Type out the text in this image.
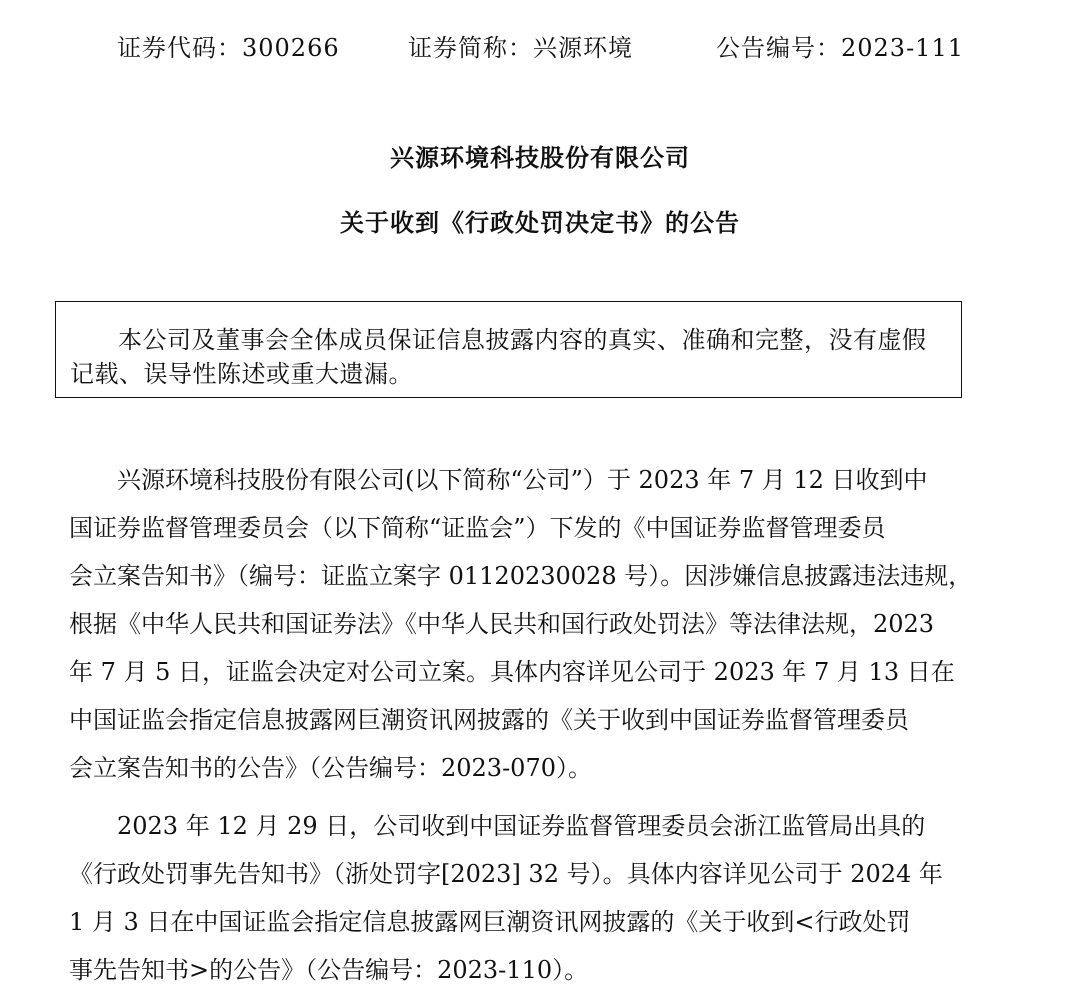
证券代码：300266	证券简称：兴源环境	公告编号：2023-111
兴源环境科技股份有限公司
关于收到《行政处罚决定书》的公告
本公司及董事会全体成员保证信息披露内容的真实、准确和完整，没有虚假
记载、误导性陈述或重大遗漏。
兴源环境科技股份有限公司(以下简称“公司”）于 2023 年 7 月 12 日收到中
国证券监督管理委员会（以下简称“证监会”）下发的《中国证券监督管理委员
会立案告知书》（编号：证监立案字 01120230028 号）。因涉嫌信息披露违法违规，
根据《中华人民共和国证券法》《中华人民共和国行政处罚法》等法律法规，2023
年 7 月 5 日，证监会决定对公司立案。具体内容详见公司于 2023 年 7 月 13 日在
中国证监会指定信息披露网巨潮资讯网披露的《关于收到中国证券监督管理委员
会立案告知书的公告》（公告编号：2023-070）。
2023 年 12 月 29 日，公司收到中国证券监督管理委员会浙江监管局出具的
《行政处罚事先告知书》（浙处罚字[2023] 32 号）。具体内容详见公司于 2024 年
1 月 3 日在中国证监会指定信息披露网巨潮资讯网披露的《关于收到<行政处罚
事先告知书>的公告》（公告编号：2023-110）。
